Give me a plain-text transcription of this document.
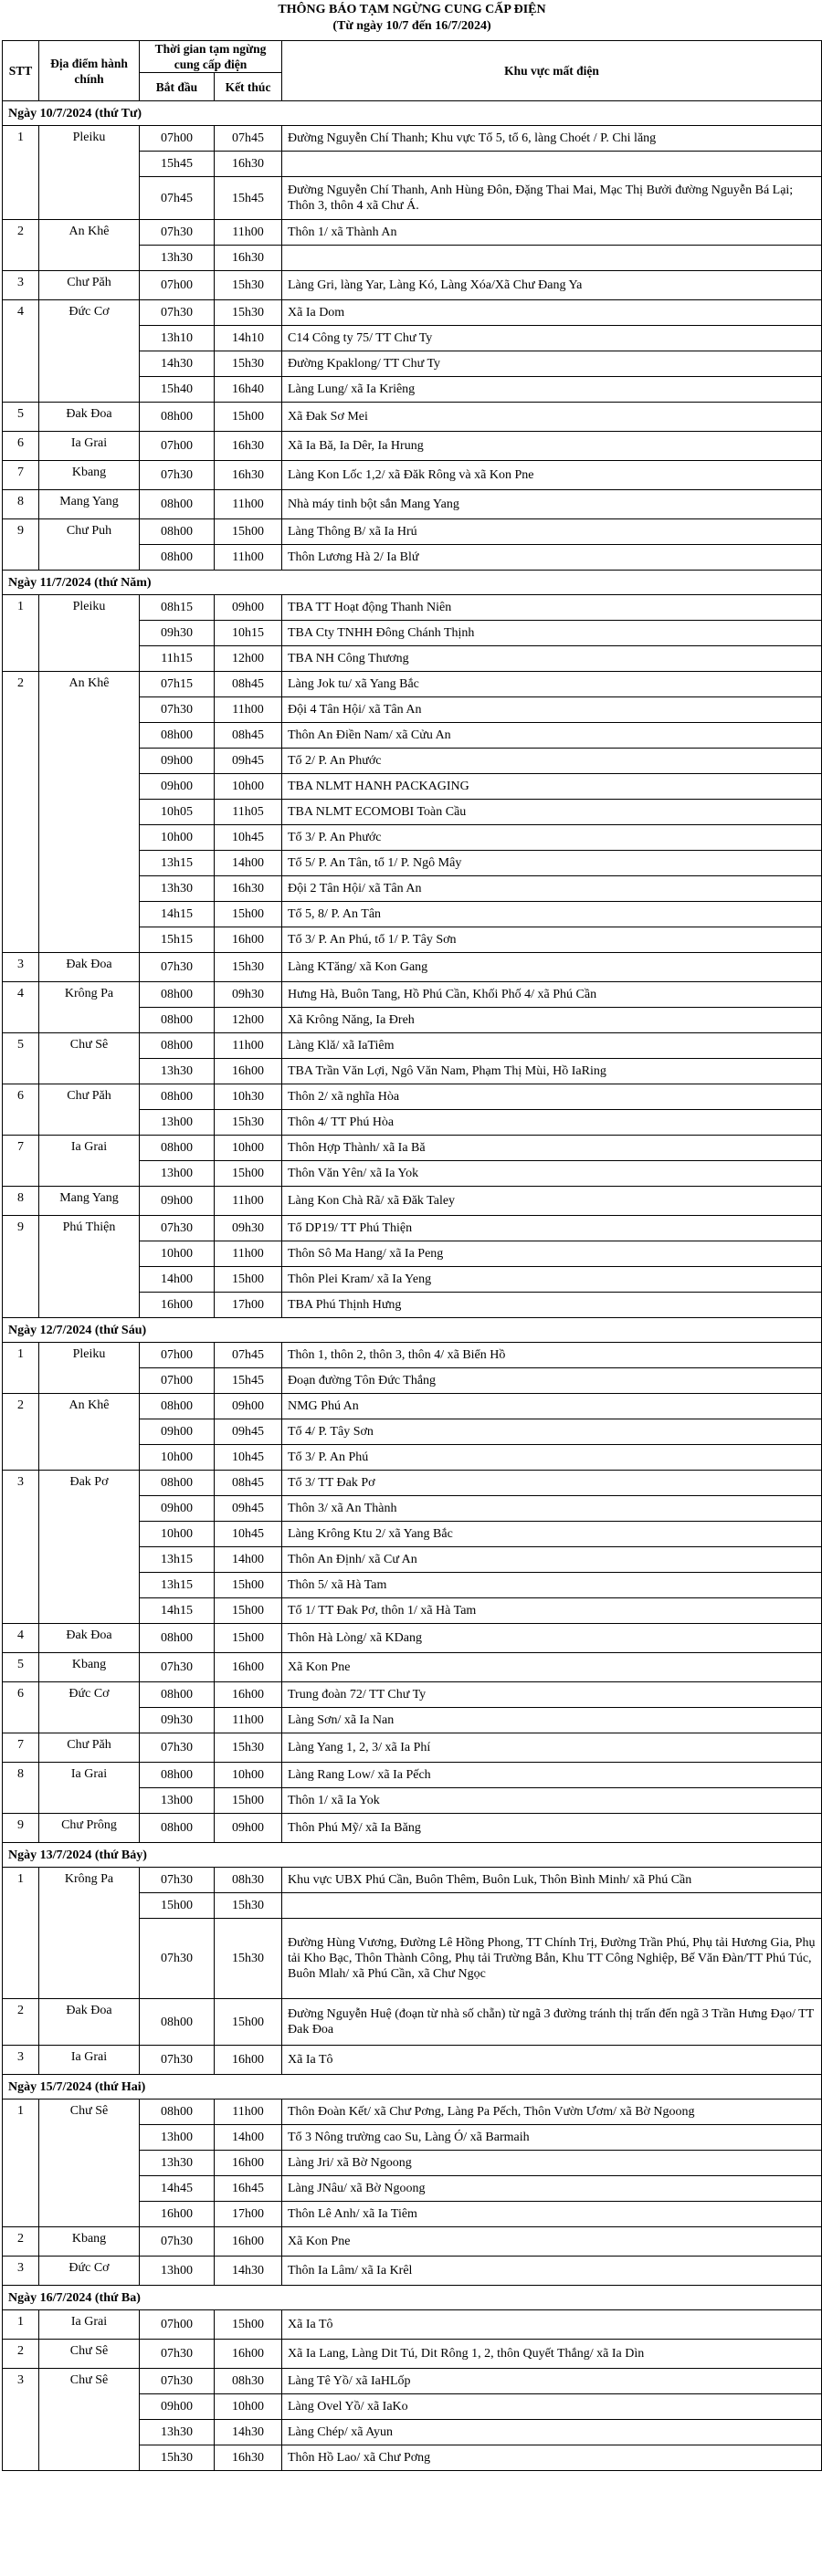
THÔNG BÁO TẠM NGỪNG CUNG CẤP ĐIỆN
(Từ ngày 10/7 đến 16/7/2024)
STT	Địa điểm hành chính	Thời gian tạm ngừng cung cấp điện		Khu vực mất điện
		Bắt đầu	Kết thúc	
Ngày 10/7/2024 (thứ Tư)				
1	Pleiku	07h00	07h45	Đường Nguyễn Chí Thanh; Khu vực Tổ 5, tổ 6, làng Choét / P. Chi lăng
		15h45	16h30	
		07h45	15h45	Đường Nguyễn Chí Thanh, Anh Hùng Đôn, Đặng Thai Mai, Mạc Thị Bưởi đường Nguyễn Bá Lại; Thôn 3, thôn 4 xã Chư Á.
2	An Khê	07h30	11h00	Thôn 1/ xã Thành An
		13h30	16h30	
3	Chư Păh	07h00	15h30	Làng Gri, làng Yar, Làng Kó, Làng Xóa/Xã Chư Đang Ya
4	Đức Cơ	07h30	15h30	Xã Ia Dom
		13h10	14h10	C14 Công ty 75/ TT Chư Ty
		14h30	15h30	Đường Kpaklong/ TT Chư Ty
		15h40	16h40	Làng Lung/ xã Ia Kriêng
5	Đak Đoa	08h00	15h00	Xã Đak Sơ Mei
6	Ia Grai	07h00	16h30	Xã Ia Bă, Ia Dêr, Ia Hrung
7	Kbang	07h30	16h30	Làng Kon Lốc 1,2/ xã Đăk Rông và xã Kon Pne
8	Mang Yang	08h00	11h00	Nhà máy tinh bột sắn Mang Yang
9	Chư Puh	08h00	15h00	Làng Thông B/ xã Ia Hrú
		08h00	11h00	Thôn Lương Hà 2/ Ia Blứ
Ngày 11/7/2024 (thứ Năm)				
1	Pleiku	08h15	09h00	TBA TT Hoạt động Thanh Niên
		09h30	10h15	TBA Cty TNHH Đông Chánh Thịnh
		11h15	12h00	TBA NH Công Thương
2	An Khê	07h15	08h45	Làng Jok tu/ xã Yang Bắc
		07h30	11h00	Đội 4 Tân Hội/ xã Tân An
		08h00	08h45	Thôn An Điền Nam/ xã Cửu An
		09h00	09h45	Tổ 2/ P. An Phước
		09h00	10h00	TBA NLMT HANH PACKAGING
		10h05	11h05	TBA NLMT ECOMOBI Toàn Cầu
		10h00	10h45	Tổ 3/ P. An Phước
		13h15	14h00	Tổ 5/ P. An Tân, tổ 1/ P. Ngô Mây
		13h30	16h30	Đội 2 Tân Hội/ xã Tân An
		14h15	15h00	Tổ 5, 8/ P. An Tân
		15h15	16h00	Tổ 3/ P. An Phú, tổ 1/ P. Tây Sơn
3	Đak Đoa	07h30	15h30	Làng KTăng/ xã Kon Gang
4	Krông Pa	08h00	09h30	Hưng Hà, Buôn Tang, Hồ Phú Cần, Khối Phố 4/ xã Phú Cần
		08h00	12h00	Xã Krông Năng, Ia Đreh
5	Chư Sê	08h00	11h00	Làng Klă/ xã IaTiêm
		13h30	16h00	TBA Trần Văn Lợi, Ngô Văn Nam, Phạm Thị Mùi, Hồ IaRing
6	Chư Păh	08h00	10h30	Thôn 2/ xã nghĩa Hòa
		13h00	15h30	Thôn 4/ TT Phú Hòa
7	Ia Grai	08h00	10h00	Thôn Hợp Thành/ xã Ia Bă
		13h00	15h00	Thôn Văn Yên/ xã Ia Yok
8	Mang Yang	09h00	11h00	Làng Kon Chà Rã/ xã Đăk Taley
9	Phú Thiện	07h30	09h30	Tổ DP19/ TT Phú Thiện
		10h00	11h00	Thôn Sô Ma Hang/ xã Ia Peng
		14h00	15h00	Thôn Plei Kram/ xã Ia Yeng
		16h00	17h00	TBA Phú Thịnh Hưng
Ngày 12/7/2024 (thứ Sáu)				
1	Pleiku	07h00	07h45	Thôn 1, thôn 2, thôn 3, thôn 4/ xã Biển Hồ
		07h00	15h45	Đoạn đường Tôn Đức Thắng
2	An Khê	08h00	09h00	NMG Phú An
		09h00	09h45	Tổ 4/ P. Tây Sơn
		10h00	10h45	Tổ 3/ P. An Phú
3	Đak Pơ	08h00	08h45	Tổ 3/ TT Đak Pơ
		09h00	09h45	Thôn 3/ xã An Thành
		10h00	10h45	Làng Krông Ktu 2/ xã Yang Bắc
		13h15	14h00	Thôn An Định/ xã Cư An
		13h15	15h00	Thôn 5/ xã Hà Tam
		14h15	15h00	Tổ 1/ TT Đak Pơ, thôn 1/ xã Hà Tam
4	Đak Đoa	08h00	15h00	Thôn Hà Lòng/ xã KDang
5	Kbang	07h30	16h00	Xã Kon Pne
6	Đức Cơ	08h00	16h00	Trung đoàn 72/ TT Chư Ty
		09h30	11h00	Làng Sơn/ xã Ia Nan
7	Chư Păh	07h30	15h30	Làng Yang 1, 2, 3/ xã Ia Phí
8	Ia Grai	08h00	10h00	Làng Rang Low/ xã Ia Pếch
		13h00	15h00	Thôn 1/ xã Ia Yok
9	Chư Prông	08h00	09h00	Thôn Phú Mỹ/ xã Ia Băng
Ngày 13/7/2024 (thứ Bảy)				
1	Krông Pa	07h30	08h30	Khu vực UBX Phú Cần, Buôn Thêm, Buôn Luk, Thôn Bình Minh/ xã Phú Cần
		15h00	15h30	
		07h30	15h30	Đường Hùng Vương, Đường Lê Hồng Phong, TT Chính Trị, Đường Trần Phú, Phụ tải Hương Gia, Phụ tải Kho Bạc, Thôn Thành Công, Phụ tải Trường Bắn, Khu TT Công Nghiệp, Bế Văn Đàn/TT Phú Túc, Buôn Mlah/ xã Phú Cần, xã Chư Ngọc
2	Đak Đoa	08h00	15h00	Đường Nguyễn Huệ (đoạn từ nhà số chẵn) từ ngã 3 đường tránh thị trấn đến ngã 3 Trần Hưng Đạo/ TT Đak Đoa
3	Ia Grai	07h30	16h00	Xã Ia Tô
Ngày 15/7/2024 (thứ Hai)				
1	Chư Sê	08h00	11h00	Thôn Đoàn Kết/ xã Chư Pơng, Làng Pa Pếch, Thôn Vườn Ươm/ xã Bờ Ngoong
		13h00	14h00	Tổ 3 Nông trường cao Su, Làng Ó/ xã Barmaih
		13h30	16h00	Làng Jri/ xã Bờ Ngoong
		14h45	16h45	Làng JNâu/ xã Bờ Ngoong
		16h00	17h00	Thôn Lê Anh/ xã Ia Tiêm
2	Kbang	07h30	16h00	Xã Kon Pne
3	Đức Cơ	13h00	14h30	Thôn Ia Lâm/ xã Ia Krêl
Ngày 16/7/2024 (thứ Ba)				
1	Ia Grai	07h00	15h00	Xã Ia Tô
2	Chư Sê	07h30	16h00	Xã Ia Lang, Làng Dit Tú, Dit Rông 1, 2, thôn Quyết Thắng/ xã Ia Dìn
3	Chư Sê	07h30	08h30	Làng Tê Yồ/ xã IaHLốp
		09h00	10h00	Làng Ovel Yồ/ xã IaKo
		13h30	14h30	Làng Chép/ xã Ayun
		15h30	16h30	Thôn Hồ Lao/ xã Chư Pơng
